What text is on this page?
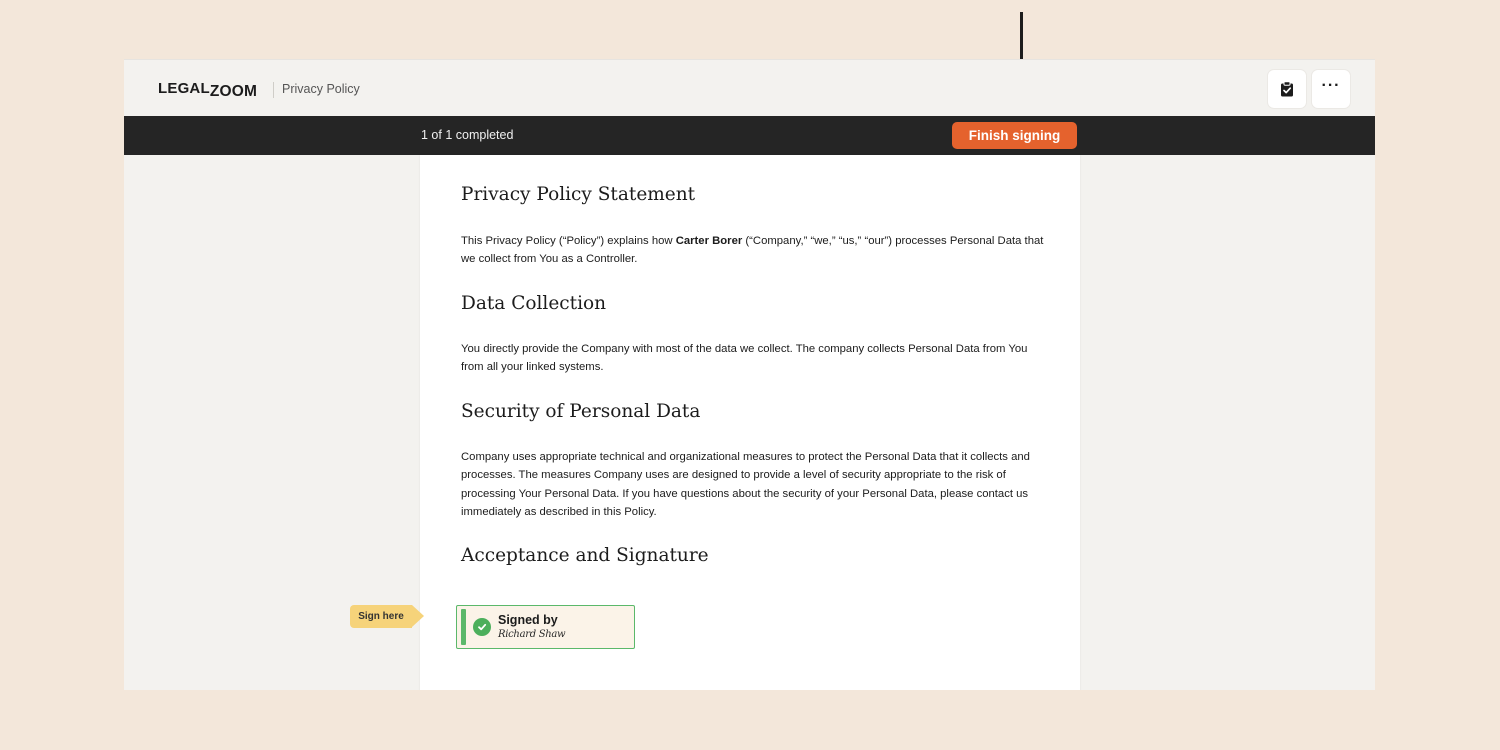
LEGALZOOM Privacy Policy	···
1 of 1 completed	Finish signing
Privacy Policy Statement

This Privacy Policy (“Policy”) explains how Carter Borer (“Company,” “we,” “us,” “our”) processes Personal Data that we collect from You as a Controller.

Data Collection

You directly provide the Company with most of the data we collect. The company collects Personal Data from You from all your linked systems.

Security of Personal Data

Company uses appropriate technical and organizational measures to protect the Personal Data that it collects and processes. The measures Company uses are designed to provide a level of security appropriate to the risk of processing Your Personal Data. If you have questions about the security of your Personal Data, please contact us immediately as described in this Policy.

Acceptance and Signature
Sign here	Signed by
Richard Shaw
